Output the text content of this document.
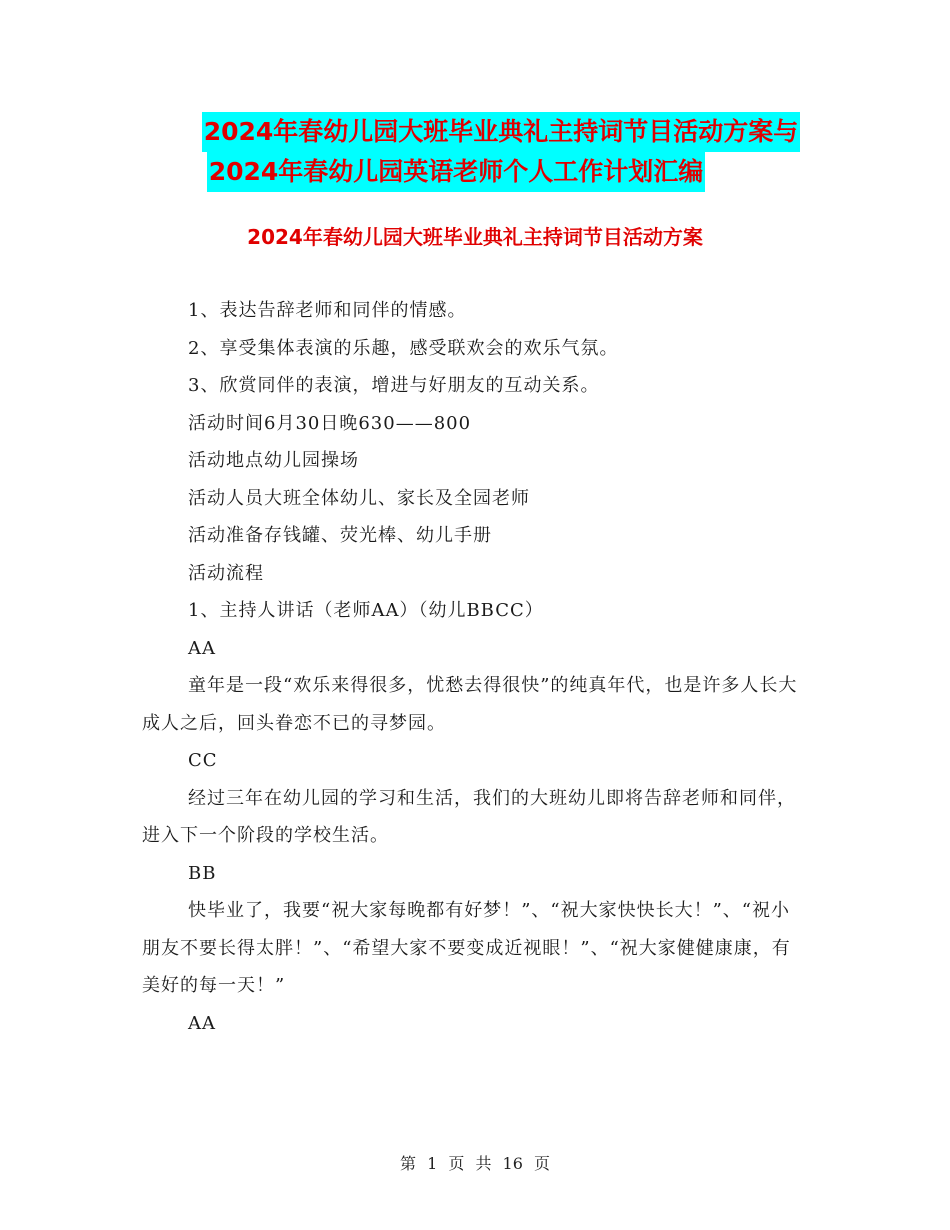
2024年春幼儿园大班毕业典礼主持词节目活动方案与
2024年春幼儿园英语老师个人工作计划汇编
2024年春幼儿园大班毕业典礼主持词节目活动方案

1、表达告辞老师和同伴的情感。

2、享受集体表演的乐趣，感受联欢会的欢乐气氛。

3、欣赏同伴的表演，增进与好朋友的互动关系。

活动时间6月30日晚630——800

活动地点幼儿园操场

活动人员大班全体幼儿、家长及全园老师

活动准备存钱罐、荧光棒、幼儿手册

活动流程

1、主持人讲话（老师AA）（幼儿BBCC）

AA

童年是一段“欢乐来得很多，忧愁去得很快”的纯真年代，也是许多人长大成人之后，回头眷恋不已的寻梦园。

CC

经过三年在幼儿园的学习和生活，我们的大班幼儿即将告辞老师和同伴，进入下一个阶段的学校生活。

BB

快毕业了，我要“祝大家每晚都有好梦！”、“祝大家快快长大！”、“祝小朋友不要长得太胖！”、“希望大家不要变成近视眼！”、“祝大家健健康康，有美好的每一天！”

AA

第 1 页 共 16 页
